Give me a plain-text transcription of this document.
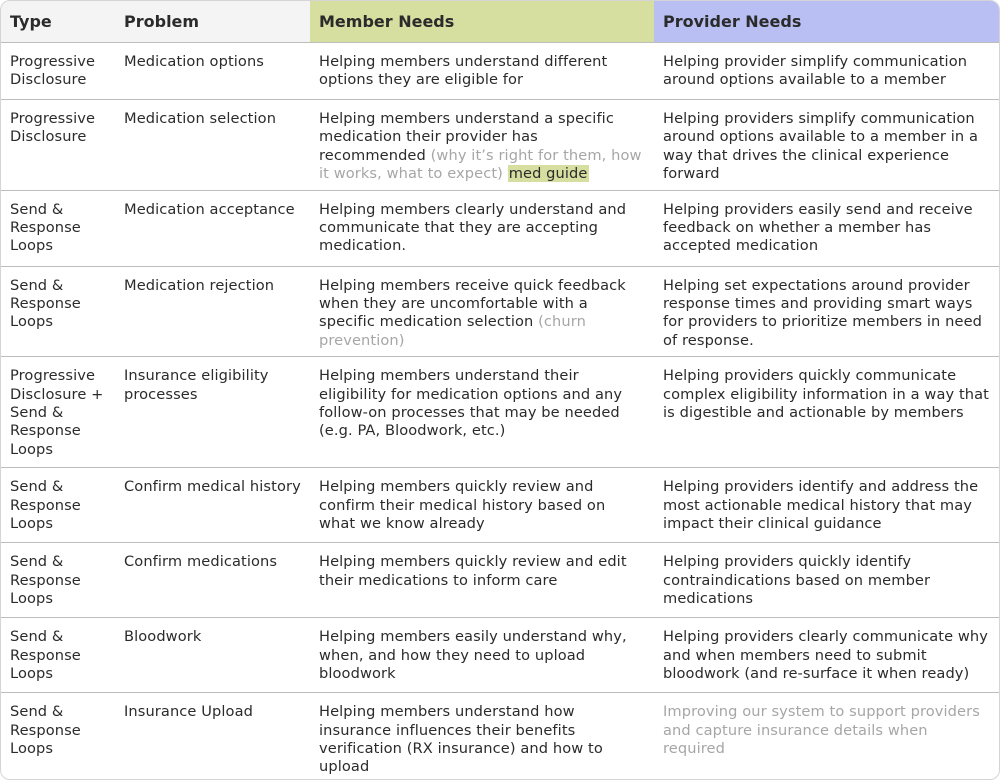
Type	Problem	Member Needs	Provider Needs
Progressive Disclosure	Medication options	Helping members understand different options they are eligible for	Helping provider simplify communication around options available to a member
Progressive Disclosure	Medication selection	Helping members understand a specific medication their provider has recommended (why it’s right for them, how it works, what to expect) med guide	Helping providers simplify communication around options available to a member in a way that drives the clinical experience forward
Send & Response Loops	Medication acceptance	Helping members clearly understand and communicate that they are accepting medication.	Helping providers easily send and receive feedback on whether a member has accepted medication
Send & Response Loops	Medication rejection	Helping members receive quick feedback when they are uncomfortable with a specific medication selection (churn prevention)	Helping set expectations around provider response times and providing smart ways for providers to prioritize members in need of response.
Progressive Disclosure + Send & Response Loops	Insurance eligibility processes	Helping members understand their eligibility for medication options and any follow-on processes that may be needed (e.g. PA, Bloodwork, etc.)	Helping providers quickly communicate complex eligibility information in a way that is digestible and actionable by members
Send & Response Loops	Confirm medical history	Helping members quickly review and confirm their medical history based on what we know already	Helping providers identify and address the most actionable medical history that may impact their clinical guidance
Send & Response Loops	Confirm medications	Helping members quickly review and edit their medications to inform care	Helping providers quickly identify contraindications based on member medications
Send & Response Loops	Bloodwork	Helping members easily understand why, when, and how they need to upload bloodwork	Helping providers clearly communicate why and when members need to submit bloodwork (and re-surface it when ready)
Send & Response Loops	Insurance Upload	Helping members understand how insurance influences their benefits verification (RX insurance) and how to upload	Improving our system to support providers and capture insurance details when required
